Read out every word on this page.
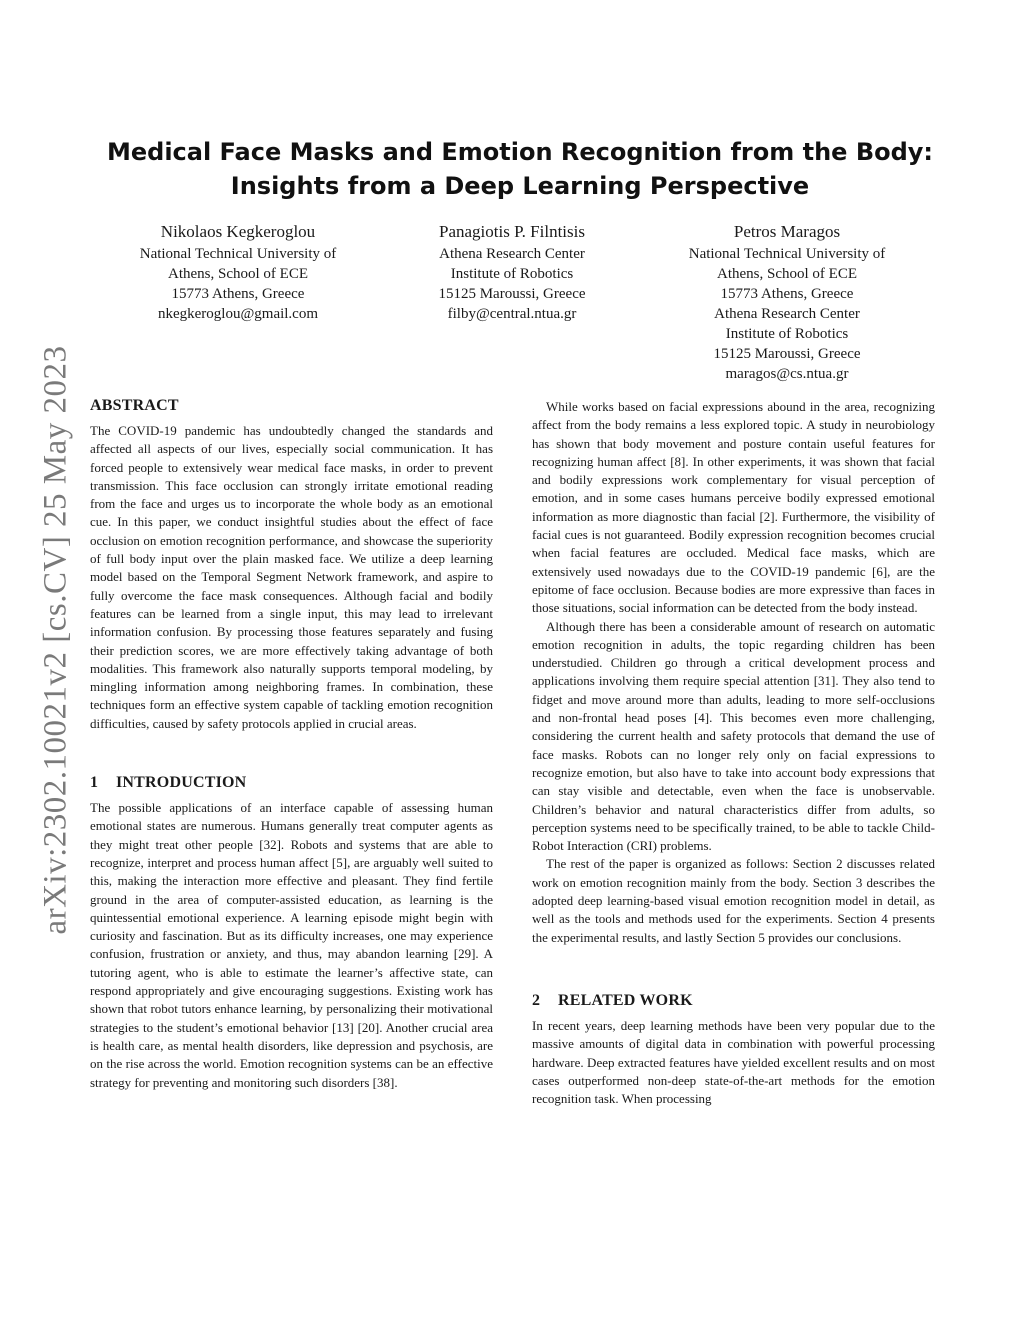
arXiv:2302.10021v2 [cs.CV] 25 May 2023
Medical Face Masks and Emotion Recognition from the Body:
Insights from a Deep Learning Perspective
Nikolaos Kegkeroglou
National Technical University of
Athens, School of ECE
15773 Athens, Greece
nkegkeroglou@gmail.com
Panagiotis P. Filntisis
Athena Research Center
Institute of Robotics
15125 Maroussi, Greece
filby@central.ntua.gr
Petros Maragos
National Technical University of
Athens, School of ECE
15773 Athens, Greece
Athena Research Center
Institute of Robotics
15125 Maroussi, Greece
maragos@cs.ntua.gr
ABSTRACT

The COVID-19 pandemic has undoubtedly changed the standards and affected all aspects of our lives, especially social communication. It has forced people to extensively wear medical face masks, in order to prevent transmission. This face occlusion can strongly irritate emotional reading from the face and urges us to incorporate the whole body as an emotional cue. In this paper, we conduct insightful studies about the effect of face occlusion on emotion recognition performance, and showcase the superiority of full body input over the plain masked face. We utilize a deep learning model based on the Temporal Segment Network framework, and aspire to fully overcome the face mask consequences. Although facial and bodily features can be learned from a single input, this may lead to irrelevant information confusion. By processing those features separately and fusing their prediction scores, we are more effectively taking advantage of both modalities. This framework also naturally supports temporal modeling, by mingling information among neighboring frames. In combination, these techniques form an effective system capable of tackling emotion recognition difficulties, caused by safety protocols applied in crucial areas.

1 INTRODUCTION

The possible applications of an interface capable of assessing human emotional states are numerous. Humans generally treat computer agents as they might treat other people [32]. Robots and systems that are able to recognize, interpret and process human affect [5], are arguably well suited to this, making the interaction more effective and pleasant. They find fertile ground in the area of computer-assisted education, as learning is the quintessential emotional experience. A learning episode might begin with curiosity and fascination. But as its difficulty increases, one may experience confusion, frustration or anxiety, and thus, may abandon learning [29]. A tutoring agent, who is able to estimate the learner’s affective state, can respond appropriately and give encouraging suggestions. Existing work has shown that robot tutors enhance learning, by personalizing their motivational strategies to the student’s emotional behavior [13] [20]. Another crucial area is health care, as mental health disorders, like depression and psychosis, are on the rise across the world. Emotion recognition systems can be an effective strategy for preventing and monitoring such disorders [38].

While works based on facial expressions abound in the area, recognizing affect from the body remains a less explored topic. A study in neurobiology has shown that body movement and posture contain useful features for recognizing human affect [8]. In other experiments, it was shown that facial and bodily expressions work complementary for visual perception of emotion, and in some cases humans perceive bodily expressed emotional information as more diagnostic than facial [2]. Furthermore, the visibility of facial cues is not guaranteed. Bodily expression recognition becomes crucial when facial features are occluded. Medical face masks, which are extensively used nowadays due to the COVID-19 pandemic [6], are the epitome of face occlusion. Because bodies are more expressive than faces in those situations, social information can be detected from the body instead.

Although there has been a considerable amount of research on automatic emotion recognition in adults, the topic regarding children has been understudied. Children go through a critical development process and applications involving them require special attention [31]. They also tend to fidget and move around more than adults, leading to more self-occlusions and non-frontal head poses [4]. This becomes even more challenging, considering the current health and safety protocols that demand the use of face masks. Robots can no longer rely only on facial expressions to recognize emotion, but also have to take into account body expressions that can stay visible and detectable, even when the face is unobservable. Children’s behavior and natural characteristics differ from adults, so perception systems need to be specifically trained, to be able to tackle Child-Robot Interaction (CRI) problems.

The rest of the paper is organized as follows: Section 2 discusses related work on emotion recognition mainly from the body. Section 3 describes the adopted deep learning-based visual emotion recognition model in detail, as well as the tools and methods used for the experiments. Section 4 presents the experimental results, and lastly Section 5 provides our conclusions.

2 RELATED WORK

In recent years, deep learning methods have been very popular due to the massive amounts of digital data in combination with powerful processing hardware. Deep extracted features have yielded excellent results and on most cases outperformed non-deep state-of-the-art methods for the emotion recognition task. When processing
